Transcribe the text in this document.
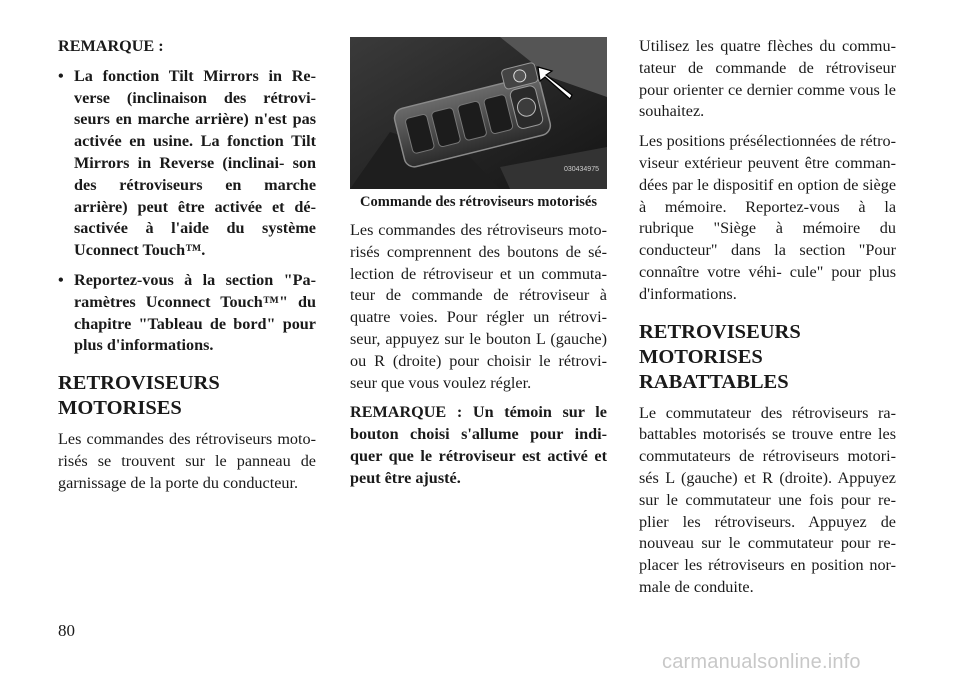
REMARQUE :

• La fonction Tilt Mirrors in Re- verse (inclinaison des rétrovi- seurs en marche arrière) n'est pas activée en usine. La fonction Tilt Mirrors in Reverse (inclinai- son des rétroviseurs en marche arrière) peut être activée et dé- sactivée à l'aide du système Uconnect Touch™.

• Reportez-vous à la section "Pa- ramètres Uconnect Touch™" du chapitre "Tableau de bord" pour plus d'informations.

RETROVISEURS MOTORISES

Les commandes des rétroviseurs moto- risés se trouvent sur le panneau de garnissage de la porte du conducteur.

030434975

Commande des rétroviseurs motorisés

Les commandes des rétroviseurs moto- risés comprennent des boutons de sé- lection de rétroviseur et un commuta- teur de commande de rétroviseur à quatre voies. Pour régler un rétrovi- seur, appuyez sur le bouton L (gauche) ou R (droite) pour choisir le rétrovi- seur que vous voulez régler.

REMARQUE : Un témoin sur le bouton choisi s'allume pour indi- quer que le rétroviseur est activé et peut être ajusté.

Utilisez les quatre flèches du commu- tateur de commande de rétroviseur pour orienter ce dernier comme vous le souhaitez.

Les positions présélectionnées de rétro- viseur extérieur peuvent être comman- dées par le dispositif en option de siège à mémoire. Reportez-vous à la rubrique "Siège à mémoire du conducteur" dans la section "Pour connaître votre véhi- cule" pour plus d'informations.

RETROVISEURS MOTORISES RABATTABLES

Le commutateur des rétroviseurs ra- battables motorisés se trouve entre les commutateurs de rétroviseurs motori- sés L (gauche) et R (droite). Appuyez sur le commutateur une fois pour re- plier les rétroviseurs. Appuyez de nouveau sur le commutateur pour re- placer les rétroviseurs en position nor- male de conduite.

80
carmanualsonline.info
